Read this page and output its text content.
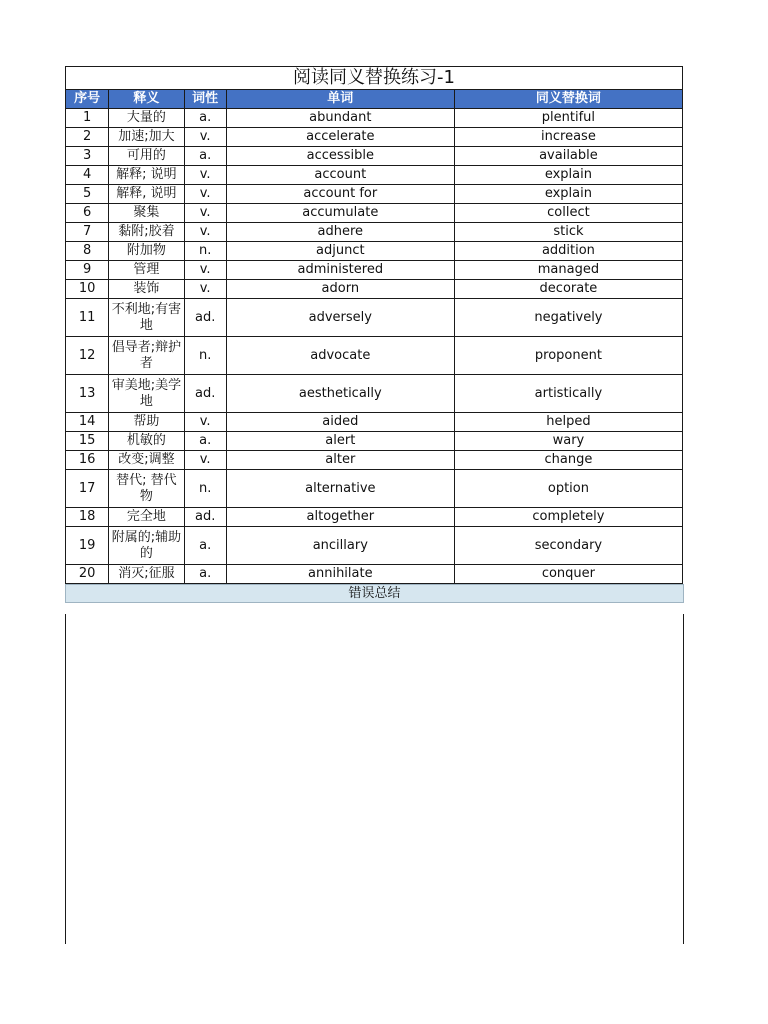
阅读同义替换练习-1				
序号	释义	词性	单词	同义替换词
1	大量的	a.	abundant	plentiful
2	加速;加大	v.	accelerate	increase
3	可用的	a.	accessible	available
4	解释; 说明	v.	account	explain
5	解释, 说明	v.	account for	explain
6	聚集	v.	accumulate	collect
7	黏附;胶着	v.	adhere	stick
8	附加物	n.	adjunct	addition
9	管理	v.	administered	managed
10	装饰	v.	adorn	decorate
11	不利地;有害地	ad.	adversely	negatively
12	倡导者;辩护者	n.	advocate	proponent
13	审美地;美学地	ad.	aesthetically	artistically
14	帮助	v.	aided	helped
15	机敏的	a.	alert	wary
16	改变;调整	v.	alter	change
17	替代; 替代物	n.	alternative	option
18	完全地	ad.	altogether	completely
19	附属的;辅助的	a.	ancillary	secondary
20	消灭;征服	a.	annihilate	conquer
错误总结
